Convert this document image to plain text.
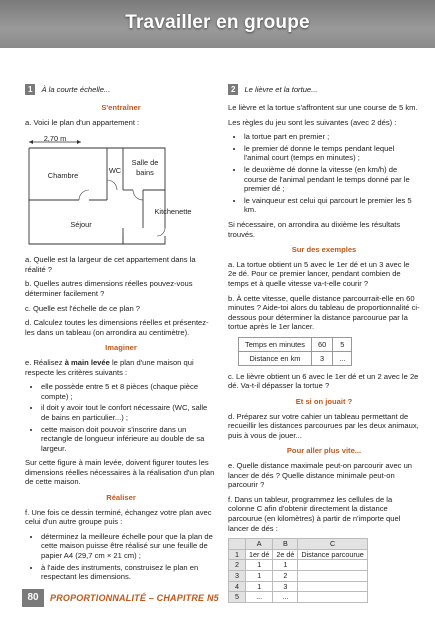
Travailler en groupe
1	À la courte échelle...
S'entraîner

a. Voici le plan d'un appartement :

2,70 m
Chambre
WC
Salle de bains
Séjour
Kitchenette

a. Quelle est la largeur de cet appartement dans la réalité ?

b. Quelles autres dimensions réelles pouvez-vous déterminer facilement ?

c. Quelle est l'échelle de ce plan ?

d. Calculez toutes les dimensions réelles et présentez-les dans un tableau (on arrondira au centimètre).

Imaginer

e. Réalisez à main levée le plan d'une maison qui respecte les critères suivants :

• elle possède entre 5 et 8 pièces (chaque pièce compte) ;
• il doit y avoir tout le confort nécessaire (WC, salle de bains en particulier...) ;
• cette maison doit pouvoir s'inscrire dans un rectangle de longueur inférieure au double de sa largeur.

Sur cette figure à main levée, doivent figurer toutes les dimensions réelles nécessaires à la réalisation d'un plan de cette maison.

Réaliser

f. Une fois ce dessin terminé, échangez votre plan avec celui d'un autre groupe puis :

• déterminez la meilleure échelle pour que la plan de cette maison puisse être réalisé sur une feuille de papier A4 (29,7 cm × 21 cm) ;
• à l'aide des instruments, construisez le plan en respectant les dimensions.
2	Le lièvre et la tortue...

Le lièvre et la tortue s'affrontent sur une course de 5 km.

Les règles du jeu sont les suivantes (avec 2 dés) :

• la tortue part en premier ;
• le premier dé donne le temps pendant lequel l'animal court (temps en minutes) ;
• le deuxième dé donne la vitesse (en km/h) de course de l'animal pendant le temps donné par le premier dé ;
• le vainqueur est celui qui parcourt le premier les 5 km.

Si nécessaire, on arrondira au dixième les résultats trouvés.

Sur des exemples

a. La tortue obtient un 5 avec le 1er dé et un 3 avec le 2e dé. Pour ce premier lancer, pendant combien de temps et à quelle vitesse va-t-elle courir ?

b. À cette vitesse, quelle distance parcourrait-elle en 60 minutes ? Aide-toi alors du tableau de proportionnalité ci-dessous pour déterminer la distance parcourue par la tortue après le 1er lancer.

Temps en minutes	60	5
Distance en km	3	...

c. Le lièvre obtient un 6 avec le 1er dé et un 2 avec le 2e dé. Va-t-il dépasser la tortue ?

Et si on jouait ?

d. Préparez sur votre cahier un tableau permettant de recueillir les distances parcourues par les deux animaux, puis à vous de jouer...

Pour aller plus vite...

e. Quelle distance maximale peut-on parcourir avec un lancer de dés ? Quelle distance minimale peut-on parcourir ?

f. Dans un tableur, programmez les cellules de la colonne C afin d'obtenir directement la distance parcourue (en kilomètres) à partir de n'importe quel lancer de dés :

	A	B	C
1	1er dé	2e dé	Distance parcourue
2	1	1	
3	1	2	
4	1	3	
5	...	...	
80	PROPORTIONNALITÉ – CHAPITRE N5
